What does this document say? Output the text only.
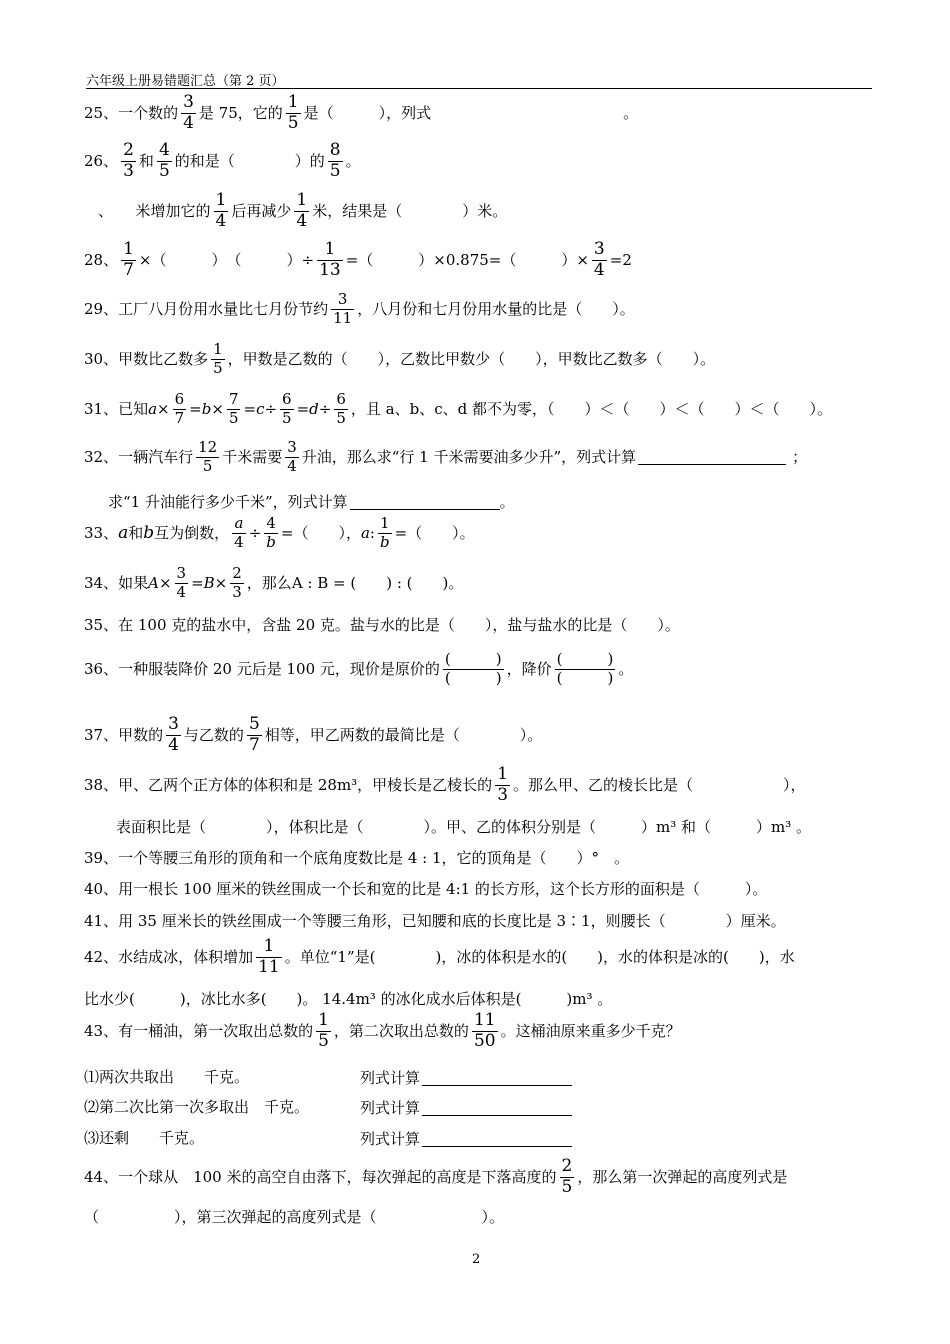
六年级上册易错题汇总（第 2 页）
25、一个数的 $\frac{3}{4}$ 是 75，它的 $\frac{1}{5}$ 是（　　　），列式	。
26、 $\frac{2}{3}$ 和 $\frac{4}{5}$ 的和是（　　　　）的 $\frac{8}{5}$ 。
、　　米增加它的 $\frac{1}{4}$ 后再减少 $\frac{1}{4}$ 米，结果是（　　　　）米。
28、 $\frac{1}{7}$ ×（　　　）　（　　　）÷ $\frac{1}{13}$ =（　　　）×0.875=（　　　）× $\frac{3}{4} =2$
29、工厂八月份用水量比七月份节约 $\frac{3}{11}$ ，八月份和七月份用水量的比是（　　）。
30、甲数比乙数多 $\frac{1}{5}$ ，甲数是乙数的（　　），乙数比甲数少（　　），甲数比乙数多（　　）。
31、已知 $a \times \frac{6}{7} = b \times \frac{7}{5} = c \div \frac{6}{5} = d \div \frac{6}{5}$ ，且 a、b、c、d 都不为零，（　　）＜（　　）＜（　　）＜（　　）。
32、一辆汽车行 $\frac{12}{5}$ 千米需要 $\frac{3}{4}$ 升油，那么求“行 1 千米需要油多少升”，列式计算	；
求“1 升油能行多少千米”，列式计算	。
33、 a 和 b 互为倒数， $\frac{a}{4} \div \frac{4}{b}$ =（　　）， a : $\frac{1}{b}$ =（　　）。
34、如果 $A \times \frac{3}{4} = B \times \frac{2}{3}$ ，那么 A : B = (　　) : (　　) 。
35、在 100 克的盐水中，含盐 20 克。盐与水的比是（　　），盐与盐水的比是（　　）。
36、一种服装降价 20 元后是 100 元，现价是原价的 $\frac{( )}{( )}$ ，降价 $\frac{( )}{( )}$ 。
37、甲数的 $\frac{3}{4}$ 与乙数的 $\frac{5}{7}$ 相等，甲乙两数的最简比是（　　　　）。
38、甲、乙两个正方体的体积和是 28m³，甲棱长是乙棱长的 $\frac{1}{3}$ 。那么甲、乙的棱长比是（　　　　　　），
表面积比是（　　　　），体积比是（　　　　）。甲、乙的体积分别是（　　　）m³ 和（　　　）m³ 。
39、一个等腰三角形的顶角和一个底角度数比是 4 : 1，它的顶角是（　　）°　。
40、用一根长 100 厘米的铁丝围成一个长和宽的比是 4:1 的长方形，这个长方形的面积是（　　　）。
41、用 35 厘米长的铁丝围成一个等腰三角形，已知腰和底的长度比是 3∶1，则腰长（　　　　）厘米。
42、水结成冰，体积增加 $\frac{1}{11}$ 。单位“1”是(　　　　)，冰的体积是水的(　　)，水的体积是冰的(　　)，水
比水少(　　　)，冰比水多(　　)。 14.4m³ 的冰化成水后体积是(　　　)m³ 。
43、有一桶油，第一次取出总数的 $\frac{1}{5}$ ，第二次取出总数的 $\frac{11}{50}$ 。这桶油原来重多少千克？
⑴两次共取出　　千克。	列式计算
⑵第二次比第一次多取出　千克。	列式计算
⑶还剩　　千克。	列式计算
44、一个球从　100 米的高空自由落下，每次弹起的高度是下落高度的 $\frac{2}{5}$ ，那么第一次弹起的高度列式是
（　　　　　），第三次弹起的高度列式是（　　　　　　　）。
2
